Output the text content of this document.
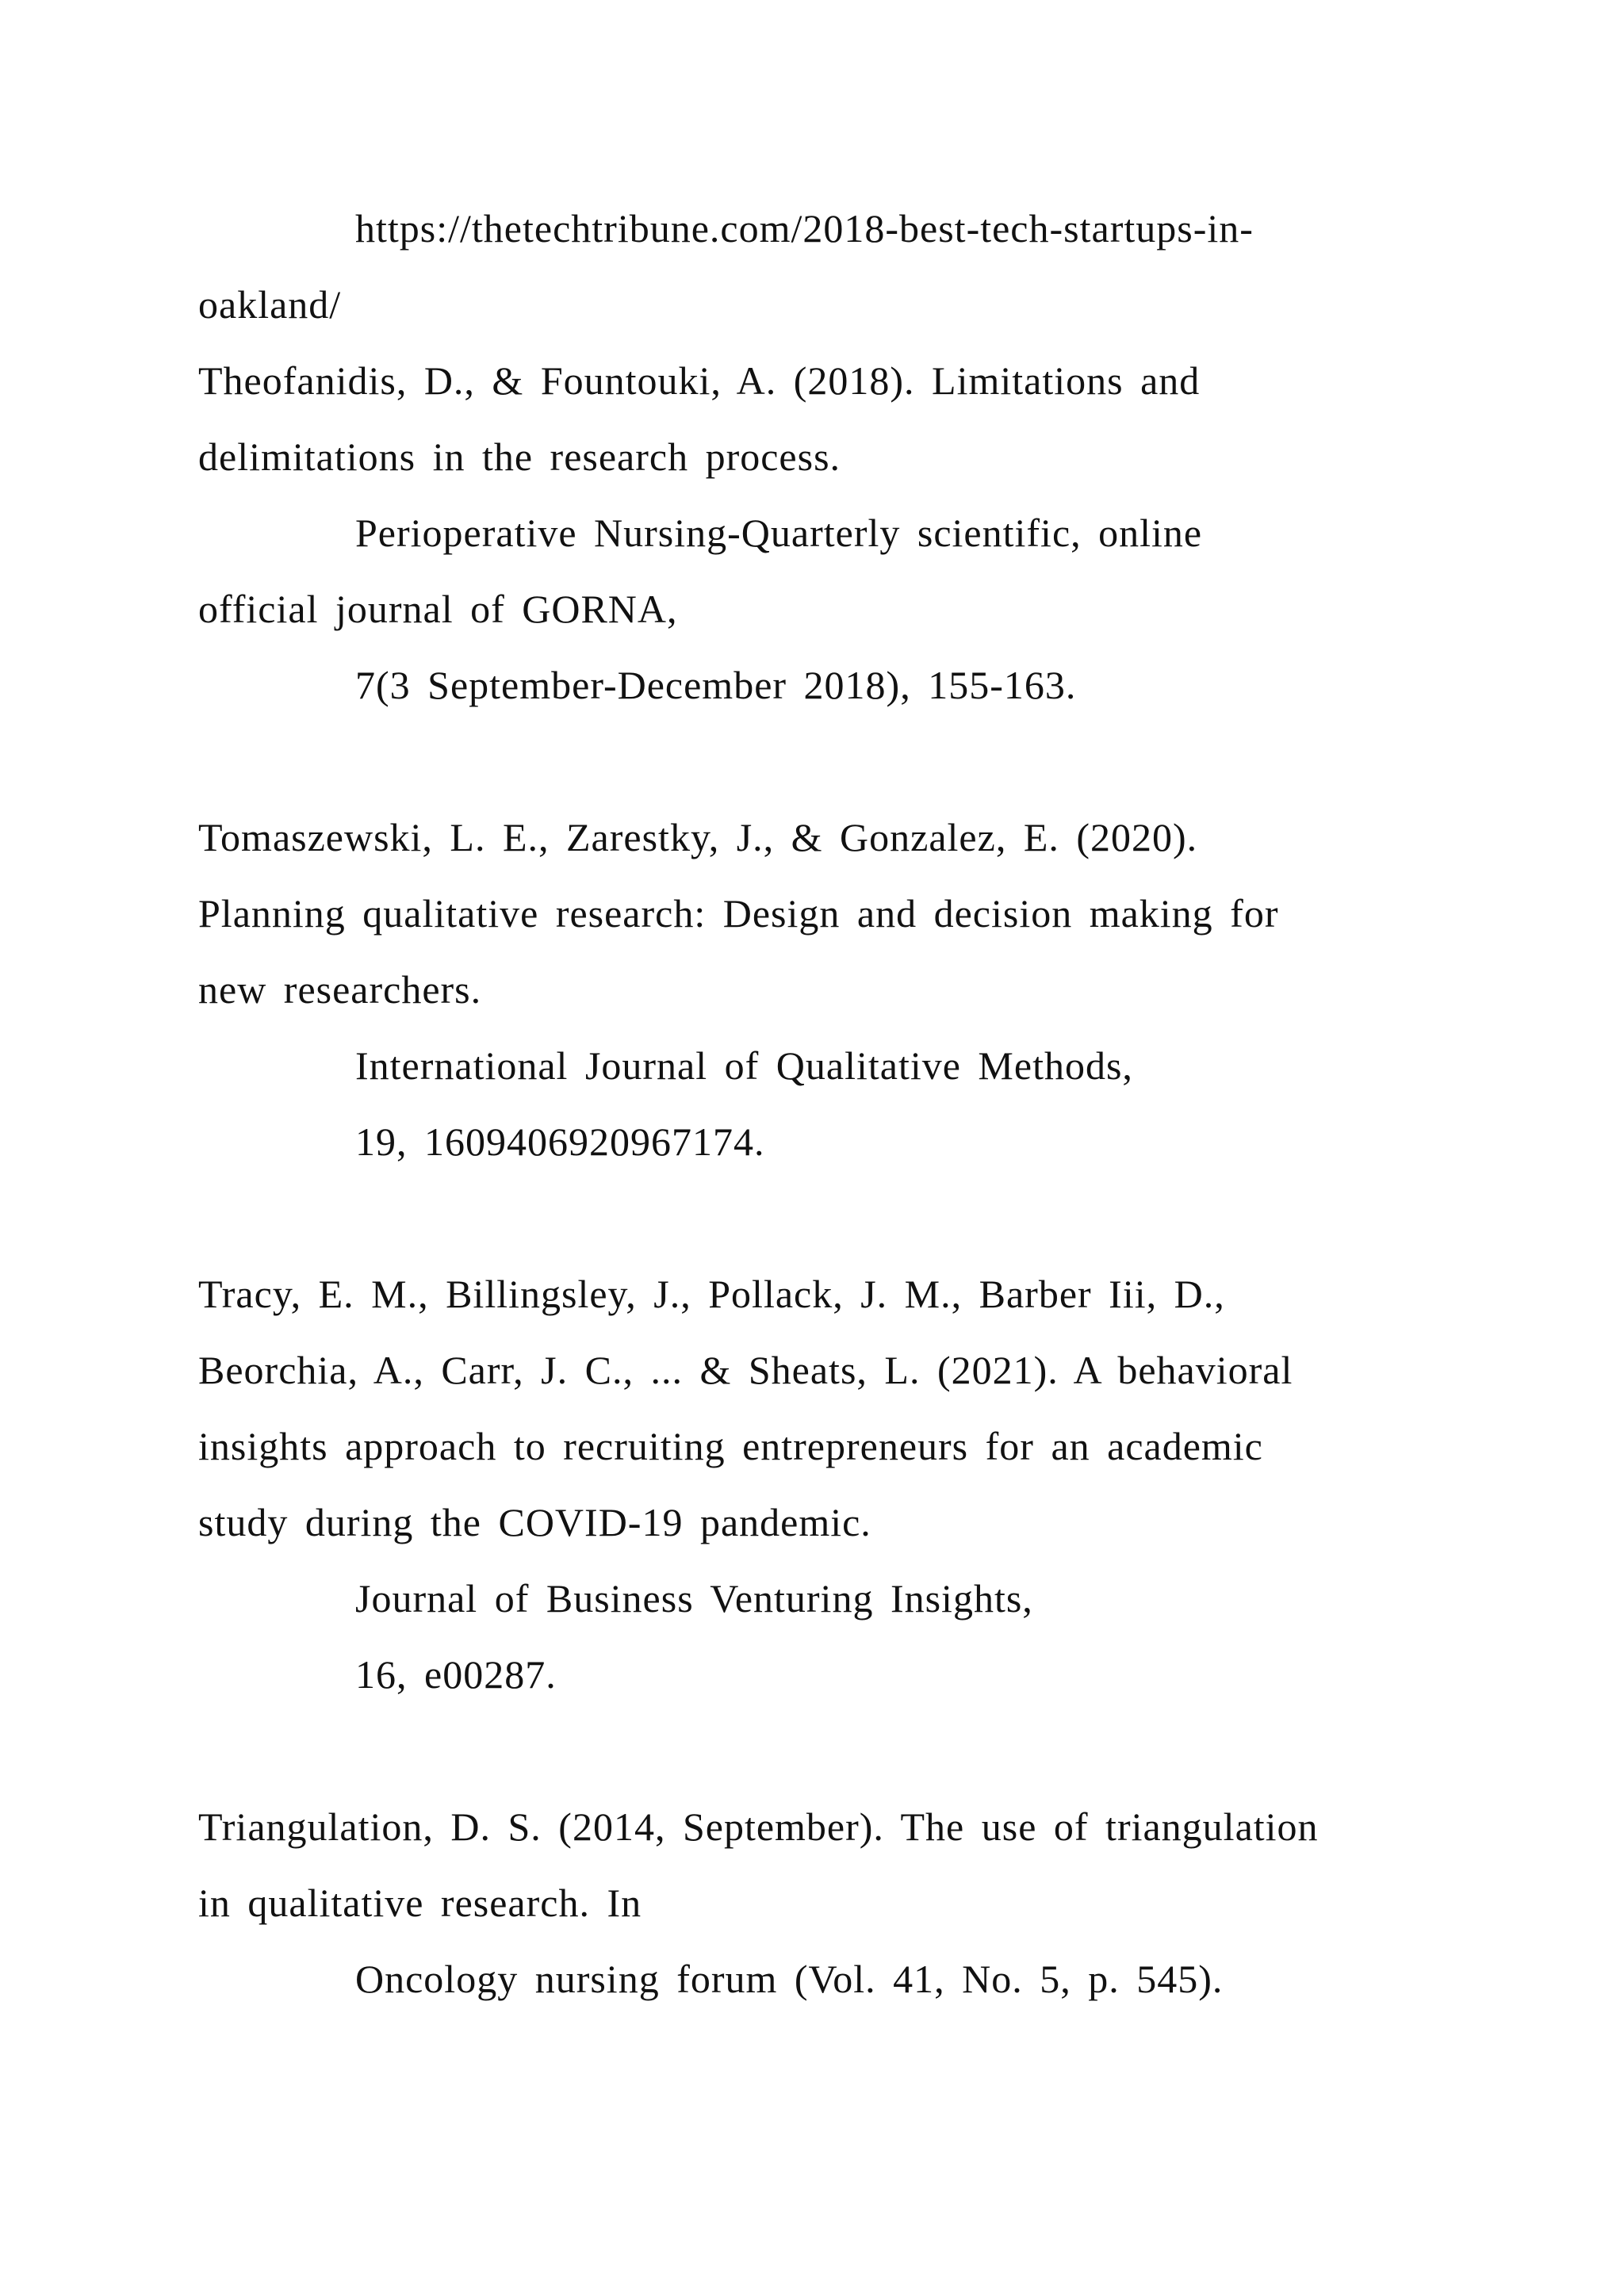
https://thetechtribune.com/2018-best-tech-startups-in-
oakland/
Theofanidis, D., & Fountouki, A. (2018). Limitations and
delimitations in the research process.
Perioperative Nursing-Quarterly scientific, online
official journal of GORNA,
7(3 September-December 2018), 155-163.
Tomaszewski, L. E., Zarestky, J., & Gonzalez, E. (2020).
Planning qualitative research: Design and decision making for
new researchers.
International Journal of Qualitative Methods,
19, 1609406920967174.
Tracy, E. M., Billingsley, J., Pollack, J. M., Barber Iii, D.,
Beorchia, A., Carr, J. C., ... & Sheats, L. (2021). A behavioral
insights approach to recruiting entrepreneurs for an academic
study during the COVID-19 pandemic.
Journal of Business Venturing Insights,
16, e00287.
Triangulation, D. S. (2014, September). The use of triangulation
in qualitative research. In
Oncology nursing forum (Vol. 41, No. 5, p. 545).
